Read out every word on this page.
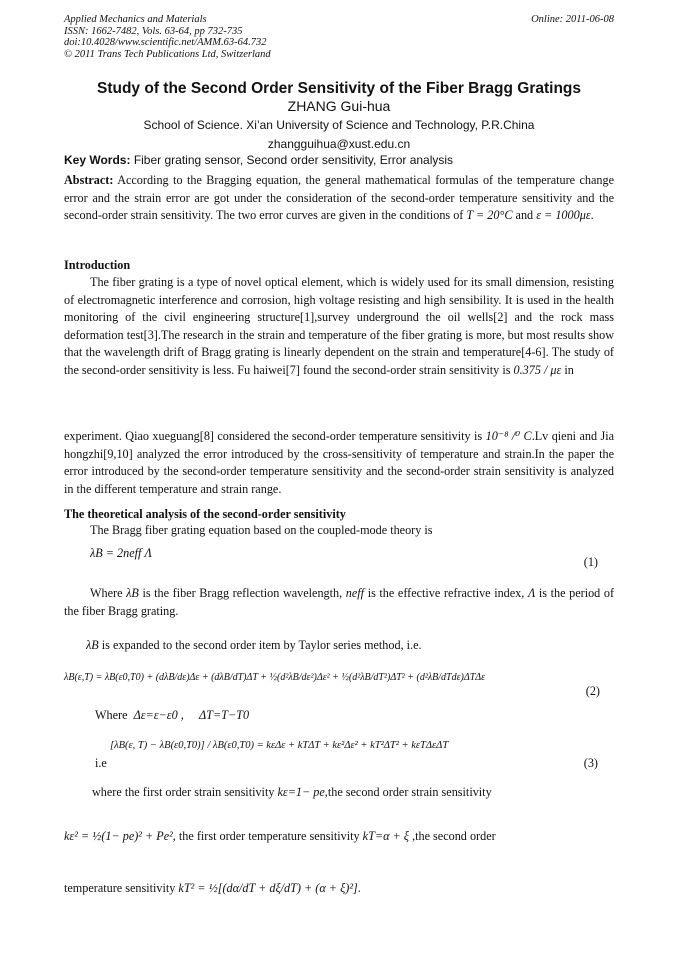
Applied Mechanics and Materials
ISSN: 1662-7482, Vols. 63-64, pp 732-735
doi:10.4028/www.scientific.net/AMM.63-64.732
© 2011 Trans Tech Publications Ltd, Switzerland
Online: 2011-06-08
Study of the Second Order Sensitivity of the Fiber Bragg Gratings
ZHANG Gui-hua
School of Science. Xi’an University of Science and Technology, P.R.China
zhangguihua@xust.edu.cn
Key Words: Fiber grating sensor, Second order sensitivity, Error analysis
Abstract: According to the Bragging equation, the general mathematical formulas of the temperature change error and the strain error are got under the consideration of the second-order temperature sensitivity and the second-order strain sensitivity. The two error curves are given in the conditions of T = 20°C and ε = 1000με.
Introduction
The fiber grating is a type of novel optical element, which is widely used for its small dimension, resisting of electromagnetic interference and corrosion, high voltage resisting and high sensibility. It is used in the health monitoring of the civil engineering structure[1],survey underground the oil wells[2] and the rock mass deformation test[3].The research in the strain and temperature of the fiber grating is more, but most results show that the wavelength drift of Bragg grating is linearly dependent on the strain and temperature[4-6]. The study of the second-order sensitivity is less. Fu haiwei[7] found the second-order strain sensitivity is 0.375 / με in
experiment. Qiao xueguang[8] considered the second-order temperature sensitivity is 10⁻⁸ /⁰ C.Lv qieni and Jia hongzhi[9,10] analyzed the error introduced by the cross-sensitivity of temperature and strain.In the paper the error introduced by the second-order temperature sensitivity and the second-order strain sensitivity is analyzed in the different temperature and strain range.
The theoretical analysis of the second-order sensitivity
The Bragg fiber grating equation based on the coupled-mode theory is
λB = 2neff Λ
(1)
Where λB is the fiber Bragg reflection wavelength, neff is the effective refractive index, Λ is the period of the fiber Bragg grating.
λB is expanded to the second order item by Taylor series method, i.e.
λB(ε,T) = λB(ε0,T0) + (dλB/dε)Δε + (dλB/dT)ΔT + ½(d²λB/dε²)Δε² + ½(d²λB/dT²)ΔT² + (d²λB/dTdε)ΔTΔε
(2)
Where Δε=ε−ε0 , ΔT=T−T0
[λB(ε, T) − λB(ε0,T0)] / λB(ε0,T0) = kεΔε + kTΔT + kε²Δε² + kT²ΔT² + kεTΔεΔT
i.e	(3)
where the first order strain sensitivity kε=1− pe,the second order strain sensitivity
kε² = ½(1− pe)² + Pe², the first order temperature sensitivity kT=α + ξ ,the second order
temperature sensitivity kT² = ½[(dα/dT + dξ/dT) + (α + ξ)²].
